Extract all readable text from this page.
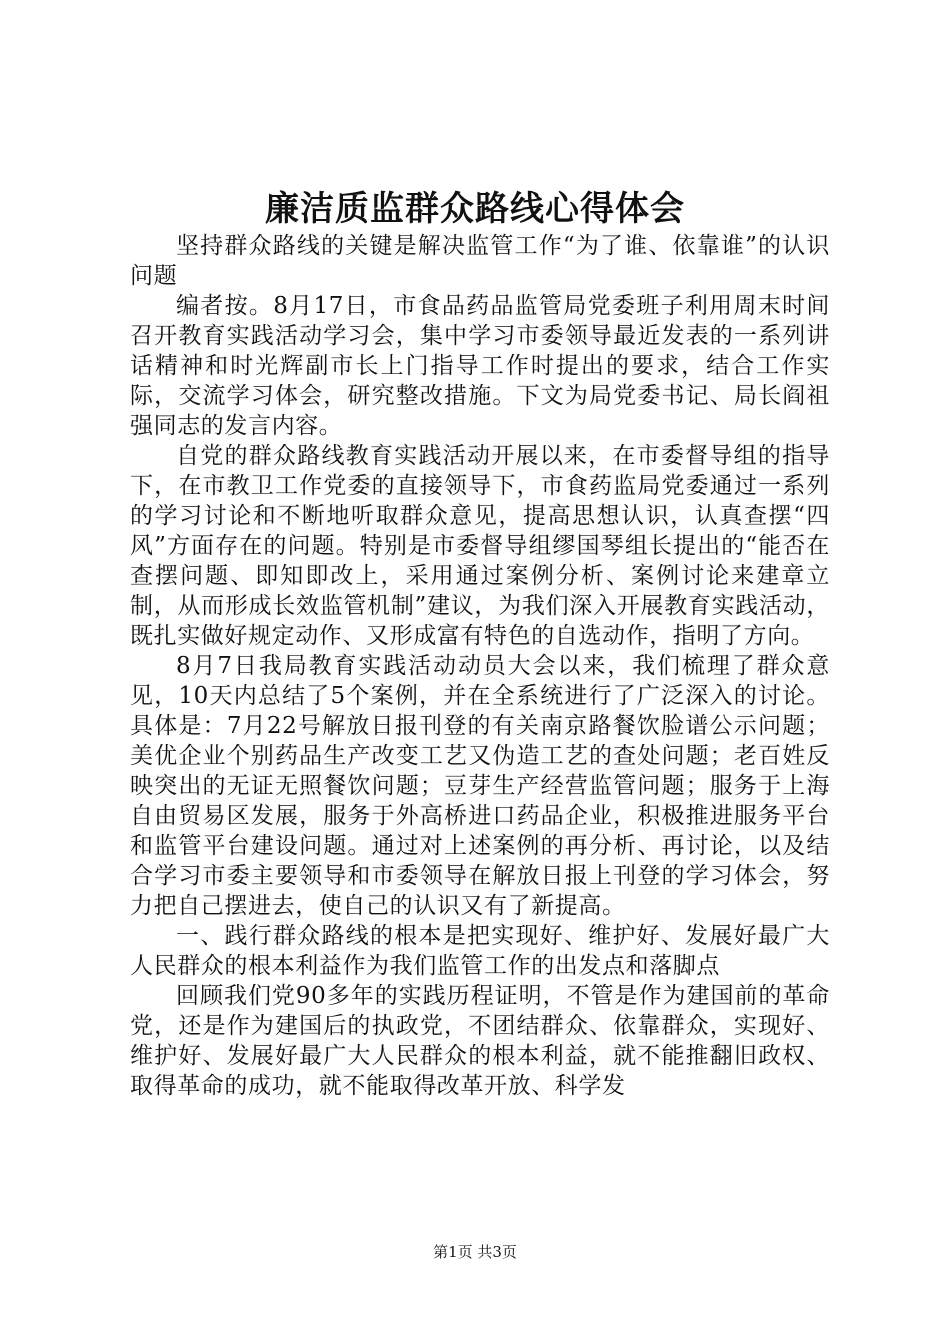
廉洁质监群众路线心得体会

坚持群众路线的关键是解决监管工作“为了谁、依靠谁”的认识问题

编者按。8月17日，市食品药品监管局党委班子利用周末时间召开教育实践活动学习会，集中学习市委领导最近发表的一系列讲话精神和时光辉副市长上门指导工作时提出的要求，结合工作实际，交流学习体会，研究整改措施。下文为局党委书记、局长阎祖强同志的发言内容。

自党的群众路线教育实践活动开展以来，在市委督导组的指导下，在市教卫工作党委的直接领导下，市食药监局党委通过一系列的学习讨论和不断地听取群众意见，提高思想认识，认真查摆“四风”方面存在的问题。特别是市委督导组缪国琴组长提出的“能否在查摆问题、即知即改上，采用通过案例分析、案例讨论来建章立制，从而形成长效监管机制”建议，为我们深入开展教育实践活动，既扎实做好规定动作、又形成富有特色的自选动作，指明了方向。

8月7日我局教育实践活动动员大会以来，我们梳理了群众意见，10天内总结了5个案例，并在全系统进行了广泛深入的讨论。具体是：7月22号解放日报刊登的有关南京路餐饮脸谱公示问题；美优企业个别药品生产改变工艺又伪造工艺的查处问题；老百姓反映突出的无证无照餐饮问题；豆芽生产经营监管问题；服务于上海自由贸易区发展，服务于外高桥进口药品企业，积极推进服务平台和监管平台建设问题。通过对上述案例的再分析、再讨论，以及结合学习市委主要领导和市委领导在解放日报上刊登的学习体会，努力把自己摆进去，使自己的认识又有了新提高。

一、践行群众路线的根本是把实现好、维护好、发展好最广大人民群众的根本利益作为我们监管工作的出发点和落脚点

回顾我们党90多年的实践历程证明，不管是作为建国前的革命党，还是作为建国后的执政党，不团结群众、依靠群众，实现好、维护好、发展好最广大人民群众的根本利益，就不能推翻旧政权、取得革命的成功，就不能取得改革开放、科学发

第1页 共3页
